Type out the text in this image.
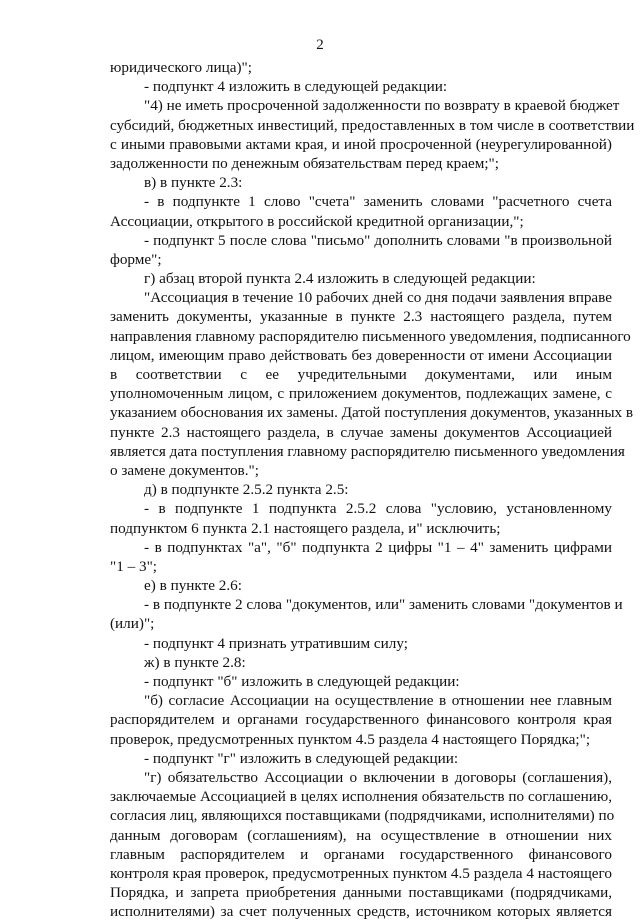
2
юридического лица)";
- подпункт 4 изложить в следующей редакции:
"4) не иметь просроченной задолженности по возврату в краевой бюджет
субсидий, бюджетных инвестиций, предоставленных в том числе в соответствии
с иными правовыми актами края, и иной просроченной (неурегулированной)
задолженности по денежным обязательствам перед краем;";
в) в пункте 2.3:
- в подпункте 1 слово "счета" заменить словами "расчетного счета
Ассоциации, открытого в российской кредитной организации,";
- подпункт 5 после слова "письмо" дополнить словами "в произвольной
форме";
г) абзац второй пункта 2.4 изложить в следующей редакции:
"Ассоциация в течение 10 рабочих дней со дня подачи заявления вправе
заменить документы, указанные в пункте 2.3 настоящего раздела, путем
направления главному распорядителю письменного уведомления, подписанного
лицом, имеющим право действовать без доверенности от имени Ассоциации
в соответствии с ее учредительными документами, или иным
уполномоченным лицом, с приложением документов, подлежащих замене, с
указанием обоснования их замены. Датой поступления документов, указанных в
пункте 2.3 настоящего раздела, в случае замены документов Ассоциацией
является дата поступления главному распорядителю письменного уведомления
о замене документов.";
д) в подпункте 2.5.2 пункта 2.5:
- в подпункте 1 подпункта 2.5.2 слова "условию, установленному
подпунктом 6 пункта 2.1 настоящего раздела, и" исключить;
- в подпунктах "а", "б" подпункта 2 цифры "1 – 4" заменить цифрами
"1 – 3";
е) в пункте 2.6:
- в подпункте 2 слова "документов, или" заменить словами "документов и
(или)";
- подпункт 4 признать утратившим силу;
ж) в пункте 2.8:
- подпункт "б" изложить в следующей редакции:
"б) согласие Ассоциации на осуществление в отношении нее главным
распорядителем и органами государственного финансового контроля края
проверок, предусмотренных пунктом 4.5 раздела 4 настоящего Порядка;";
- подпункт "г" изложить в следующей редакции:
"г) обязательство Ассоциации о включении в договоры (соглашения),
заключаемые Ассоциацией в целях исполнения обязательств по соглашению,
согласия лиц, являющихся поставщиками (подрядчиками, исполнителями) по
данным договорам (соглашениям), на осуществление в отношении них
главным распорядителем и органами государственного финансового
контроля края проверок, предусмотренных пунктом 4.5 раздела 4 настоящего
Порядка, и запрета приобретения данными поставщиками (подрядчиками,
исполнителями) за счет полученных средств, источником которых является
